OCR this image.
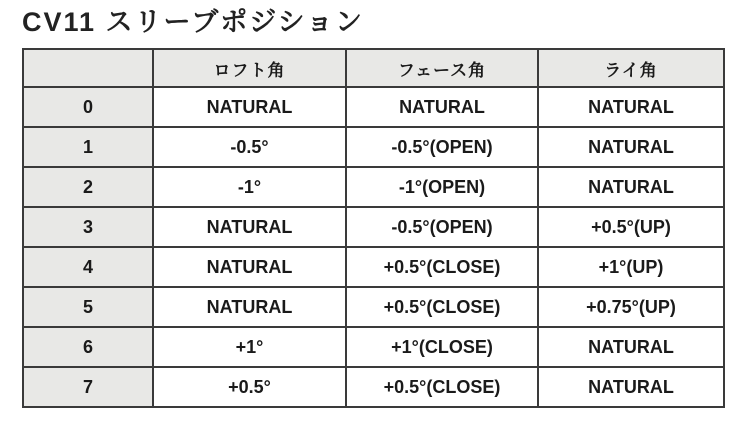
CV11 スリーブポジション
	ロフト角	フェース角	ライ角
0	NATURAL	NATURAL	NATURAL
1	-0.5°	-0.5°(OPEN)	NATURAL
2	-1°	-1°(OPEN)	NATURAL
3	NATURAL	-0.5°(OPEN)	+0.5°(UP)
4	NATURAL	+0.5°(CLOSE)	+1°(UP)
5	NATURAL	+0.5°(CLOSE)	+0.75°(UP)
6	+1°	+1°(CLOSE)	NATURAL
7	+0.5°	+0.5°(CLOSE)	NATURAL
